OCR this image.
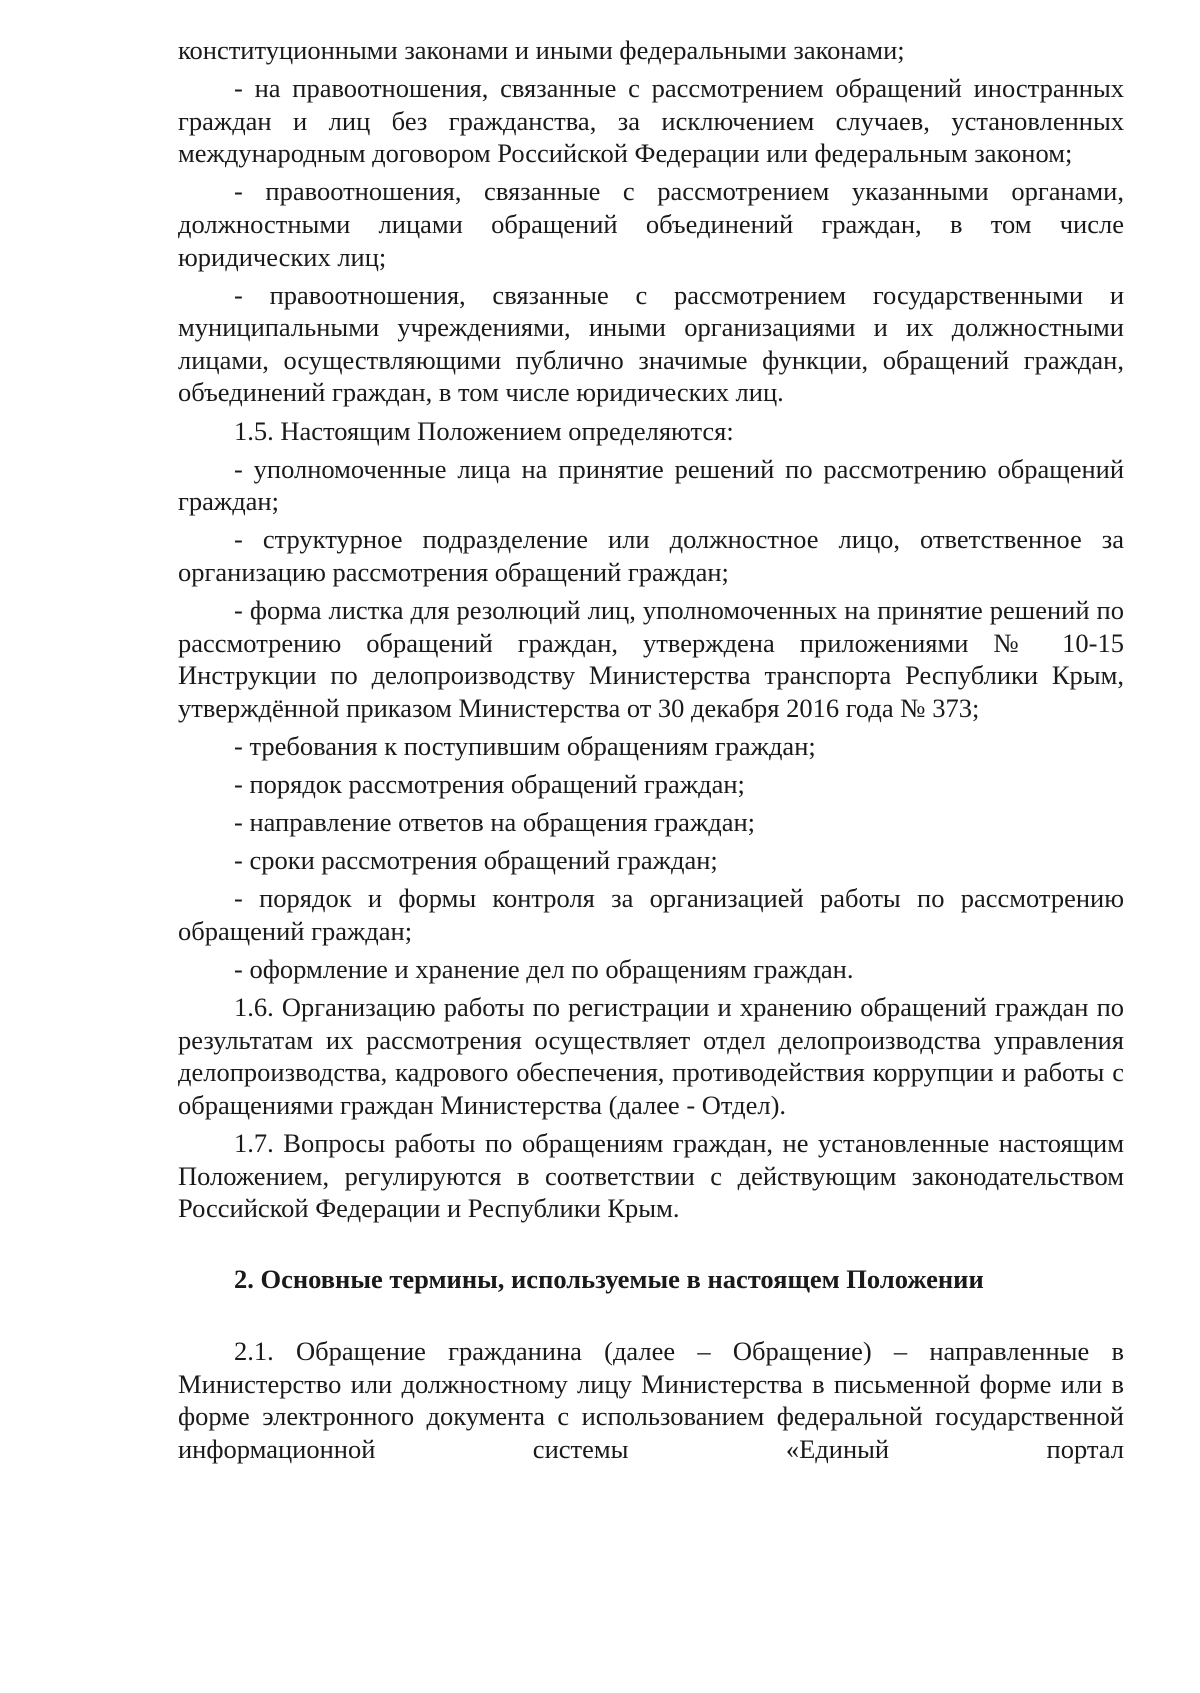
конституционными законами и иными федеральными законами;

- на правоотношения, связанные с рассмотрением обращений иностранных граждан и лиц без гражданства, за исключением случаев, установленных международным договором Российской Федерации или федеральным законом;

- правоотношения, связанные с рассмотрением указанными органами, должностными лицами обращений объединений граждан, в том числе юридических лиц;

- правоотношения, связанные с рассмотрением государственными и муниципальными учреждениями, иными организациями и их должностными лицами, осуществляющими публично значимые функции, обращений граждан, объединений граждан, в том числе юридических лиц.

1.5. Настоящим Положением определяются:

- уполномоченные лица на принятие решений по рассмотрению обращений граждан;

- структурное подразделение или должностное лицо, ответственное за организацию рассмотрения обращений граждан;

- форма листка для резолюций лиц, уполномоченных на принятие решений по рассмотрению обращений граждан, утверждена приложениями № 10-15 Инструкции по делопроизводству Министерства транспорта Республики Крым, утверждённой приказом Министерства от 30 декабря 2016 года № 373;

- требования к поступившим обращениям граждан;

- порядок рассмотрения обращений граждан;

- направление ответов на обращения граждан;

- сроки рассмотрения обращений граждан;

- порядок и формы контроля за организацией работы по рассмотрению обращений граждан;

- оформление и хранение дел по обращениям граждан.

1.6. Организацию работы по регистрации и хранению обращений граждан по результатам их рассмотрения осуществляет отдел делопроизводства управления делопроизводства, кадрового обеспечения, противодействия коррупции и работы с обращениями граждан Министерства (далее - Отдел).

1.7. Вопросы работы по обращениям граждан, не установленные настоящим Положением, регулируются в соответствии с действующим законодательством Российской Федерации и Республики Крым.

2. Основные термины, используемые в настоящем Положении

2.1. Обращение гражданина (далее – Обращение) – направленные в Министерство или должностному лицу Министерства в письменной форме или в форме электронного документа с использованием федеральной государственной информационной системы «Единый портал
